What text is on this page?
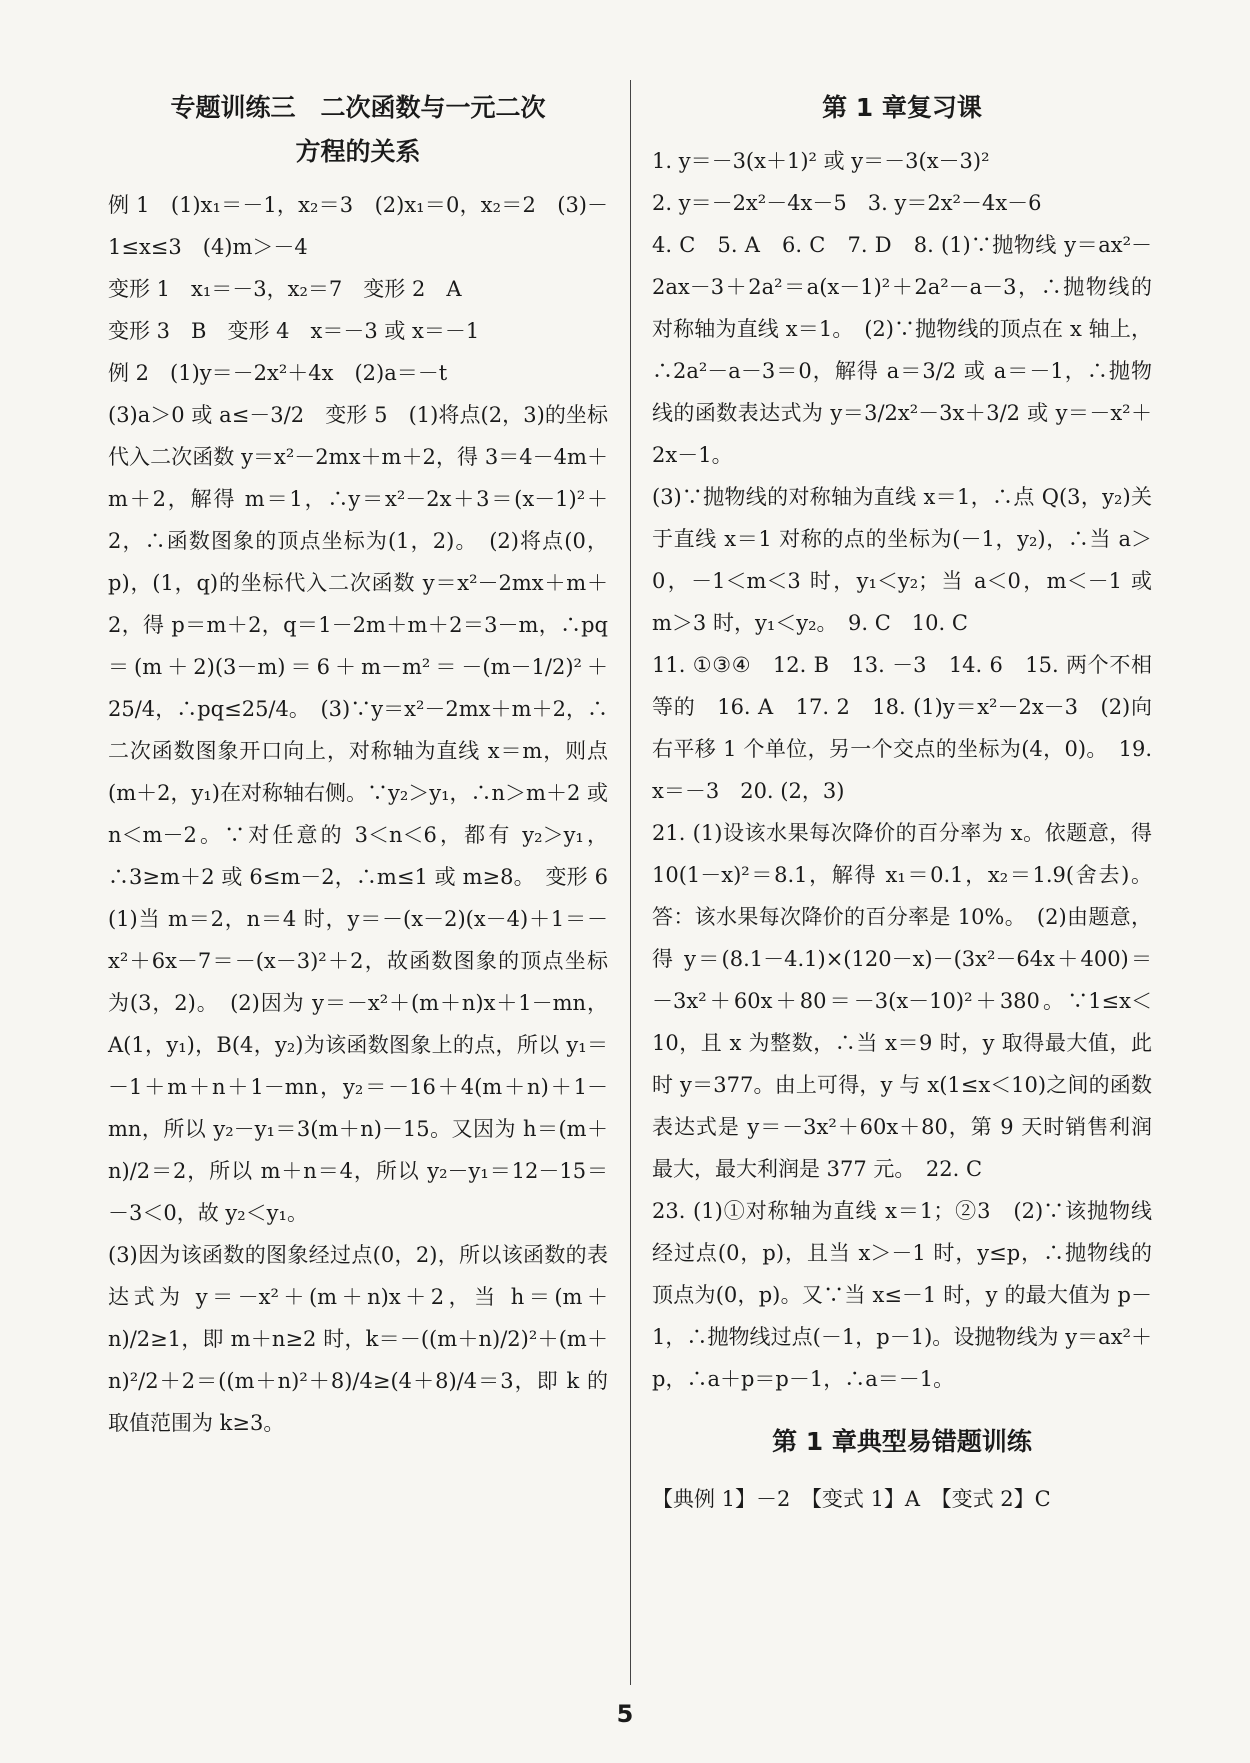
专题训练三　二次函数与一元二次
方程的关系

例 1　(1)x₁＝－1，x₂＝3　(2)x₁＝0，x₂＝2　(3)－1≤x≤3　(4)m＞－4

变形 1　x₁＝－3，x₂＝7　变形 2　A

变形 3　B　变形 4　x＝－3 或 x＝－1

例 2　(1)y＝－2x²＋4x　(2)a＝－t

(3)a＞0 或 a≤－3/2　变形 5　(1)将点(2，3)的坐标代入二次函数 y＝x²－2mx＋m＋2，得 3＝4－4m＋m＋2，解得 m＝1，∴y＝x²－2x＋3＝(x－1)²＋2，∴函数图象的顶点坐标为(1，2)。　(2)将点(0，p)，(1，q)的坐标代入二次函数 y＝x²－2mx＋m＋2，得 p＝m＋2，q＝1－2m＋m＋2＝3－m，∴pq＝(m＋2)(3－m)＝6＋m－m²＝－(m－1/2)²＋25/4，∴pq≤25/4。　(3)∵y＝x²－2mx＋m＋2，∴二次函数图象开口向上，对称轴为直线 x＝m，则点(m＋2，y₁)在对称轴右侧。∵y₂＞y₁，∴n＞m＋2 或 n＜m－2。∵对任意的 3＜n＜6，都有 y₂＞y₁，∴3≥m＋2 或 6≤m－2，∴m≤1 或 m≥8。　变形 6　(1)当 m＝2，n＝4 时，y＝－(x－2)(x－4)＋1＝－x²＋6x－7＝－(x－3)²＋2，故函数图象的顶点坐标为(3，2)。　(2)因为 y＝－x²＋(m＋n)x＋1－mn，A(1，y₁)，B(4，y₂)为该函数图象上的点，所以 y₁＝－1＋m＋n＋1－mn，y₂＝－16＋4(m＋n)＋1－mn，所以 y₂－y₁＝3(m＋n)－15。又因为 h＝(m＋n)/2＝2，所以 m＋n＝4，所以 y₂－y₁＝12－15＝－3＜0，故 y₂＜y₁。

(3)因为该函数的图象经过点(0，2)，所以该函数的表达式为 y＝－x²＋(m＋n)x＋2，当 h＝(m＋n)/2≥1，即 m＋n≥2 时，k＝－((m＋n)/2)²＋(m＋n)²/2＋2＝((m＋n)²＋8)/4≥(4＋8)/4＝3，即 k 的取值范围为 k≥3。

第 1 章复习课

1. y＝－3(x＋1)² 或 y＝－3(x－3)²

2. y＝－2x²－4x－5　3. y＝2x²－4x－6

4. C　5. A　6. C　7. D　8. (1)∵抛物线 y＝ax²－2ax－3＋2a²＝a(x－1)²＋2a²－a－3，∴抛物线的对称轴为直线 x＝1。　(2)∵抛物线的顶点在 x 轴上，∴2a²－a－3＝0，解得 a＝3/2 或 a＝－1，∴抛物线的函数表达式为 y＝3/2x²－3x＋3/2 或 y＝－x²＋2x－1。

(3)∵抛物线的对称轴为直线 x＝1，∴点 Q(3，y₂)关于直线 x＝1 对称的点的坐标为(－1，y₂)，∴当 a＞0，－1＜m＜3 时，y₁＜y₂；当 a＜0，m＜－1 或 m＞3 时，y₁＜y₂。　9. C　10. C

11. ①③④　12. B　13. －3　14. 6　15. 两个不相等的　16. A　17. 2　18. (1)y＝x²－2x－3　(2)向右平移 1 个单位，另一个交点的坐标为(4，0)。　19. x＝－3　20. (2，3)

21. (1)设该水果每次降价的百分率为 x。依题意，得 10(1－x)²＝8.1，解得 x₁＝0.1，x₂＝1.9(舍去)。答：该水果每次降价的百分率是 10%。　(2)由题意，得 y＝(8.1－4.1)×(120－x)－(3x²－64x＋400)＝－3x²＋60x＋80＝－3(x－10)²＋380。∵1≤x＜10，且 x 为整数，∴当 x＝9 时，y 取得最大值，此时 y＝377。由上可得，y 与 x(1≤x＜10)之间的函数表达式是 y＝－3x²＋60x＋80，第 9 天时销售利润最大，最大利润是 377 元。　22. C

23. (1)①对称轴为直线 x＝1；②3　(2)∵该抛物线经过点(0，p)，且当 x＞－1 时，y≤p，∴抛物线的顶点为(0，p)。又∵当 x≤－1 时，y 的最大值为 p－1，∴抛物线过点(－1，p－1)。设抛物线为 y＝ax²＋p，∴a＋p＝p－1，∴a＝－1。

第 1 章典型易错题训练

【典例 1】－2　【变式 1】A　【变式 2】C

5
